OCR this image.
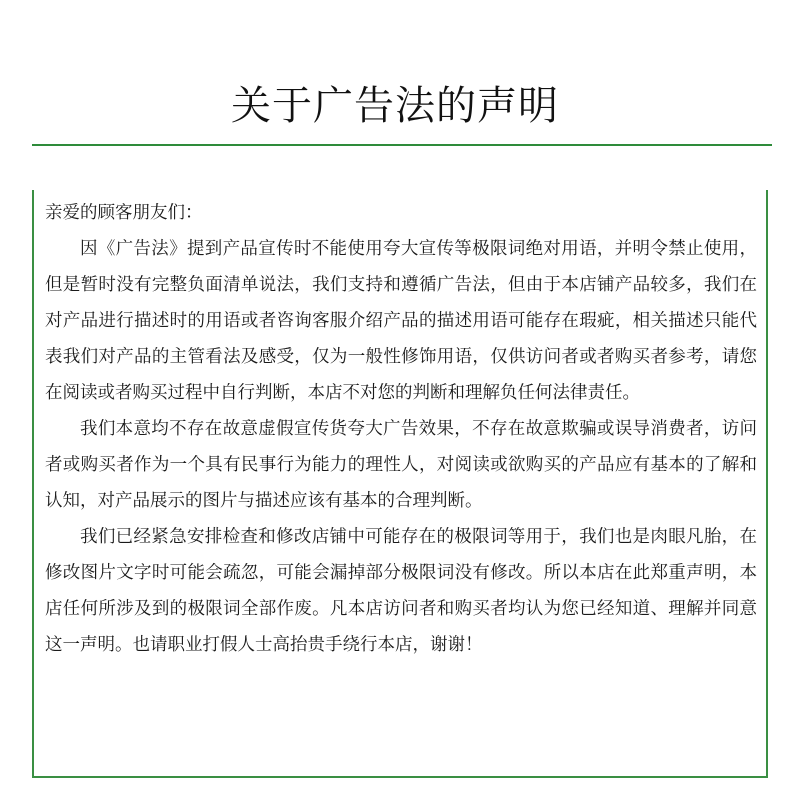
关于广告法的声明

亲爱的顾客朋友们：

因《广告法》提到产品宣传时不能使用夸大宣传等极限词绝对用语，并明令禁止使用，但是暂时没有完整负面清单说法，我们支持和遵循广告法，但由于本店铺产品较多，我们在对产品进行描述时的用语或者咨询客服介绍产品的描述用语可能存在瑕疵，相关描述只能代表我们对产品的主管看法及感受，仅为一般性修饰用语，仅供访问者或者购买者参考，请您在阅读或者购买过程中自行判断，本店不对您的判断和理解负任何法律责任。

我们本意均不存在故意虚假宣传货夸大广告效果，不存在故意欺骗或误导消费者，访问者或购买者作为一个具有民事行为能力的理性人，对阅读或欲购买的产品应有基本的了解和认知，对产品展示的图片与描述应该有基本的合理判断。

我们已经紧急安排检查和修改店铺中可能存在的极限词等用于，我们也是肉眼凡胎，在修改图片文字时可能会疏忽，可能会漏掉部分极限词没有修改。所以本店在此郑重声明，本店任何所涉及到的极限词全部作废。凡本店访问者和购买者均认为您已经知道、理解并同意这一声明。也请职业打假人士高抬贵手绕行本店，谢谢！
